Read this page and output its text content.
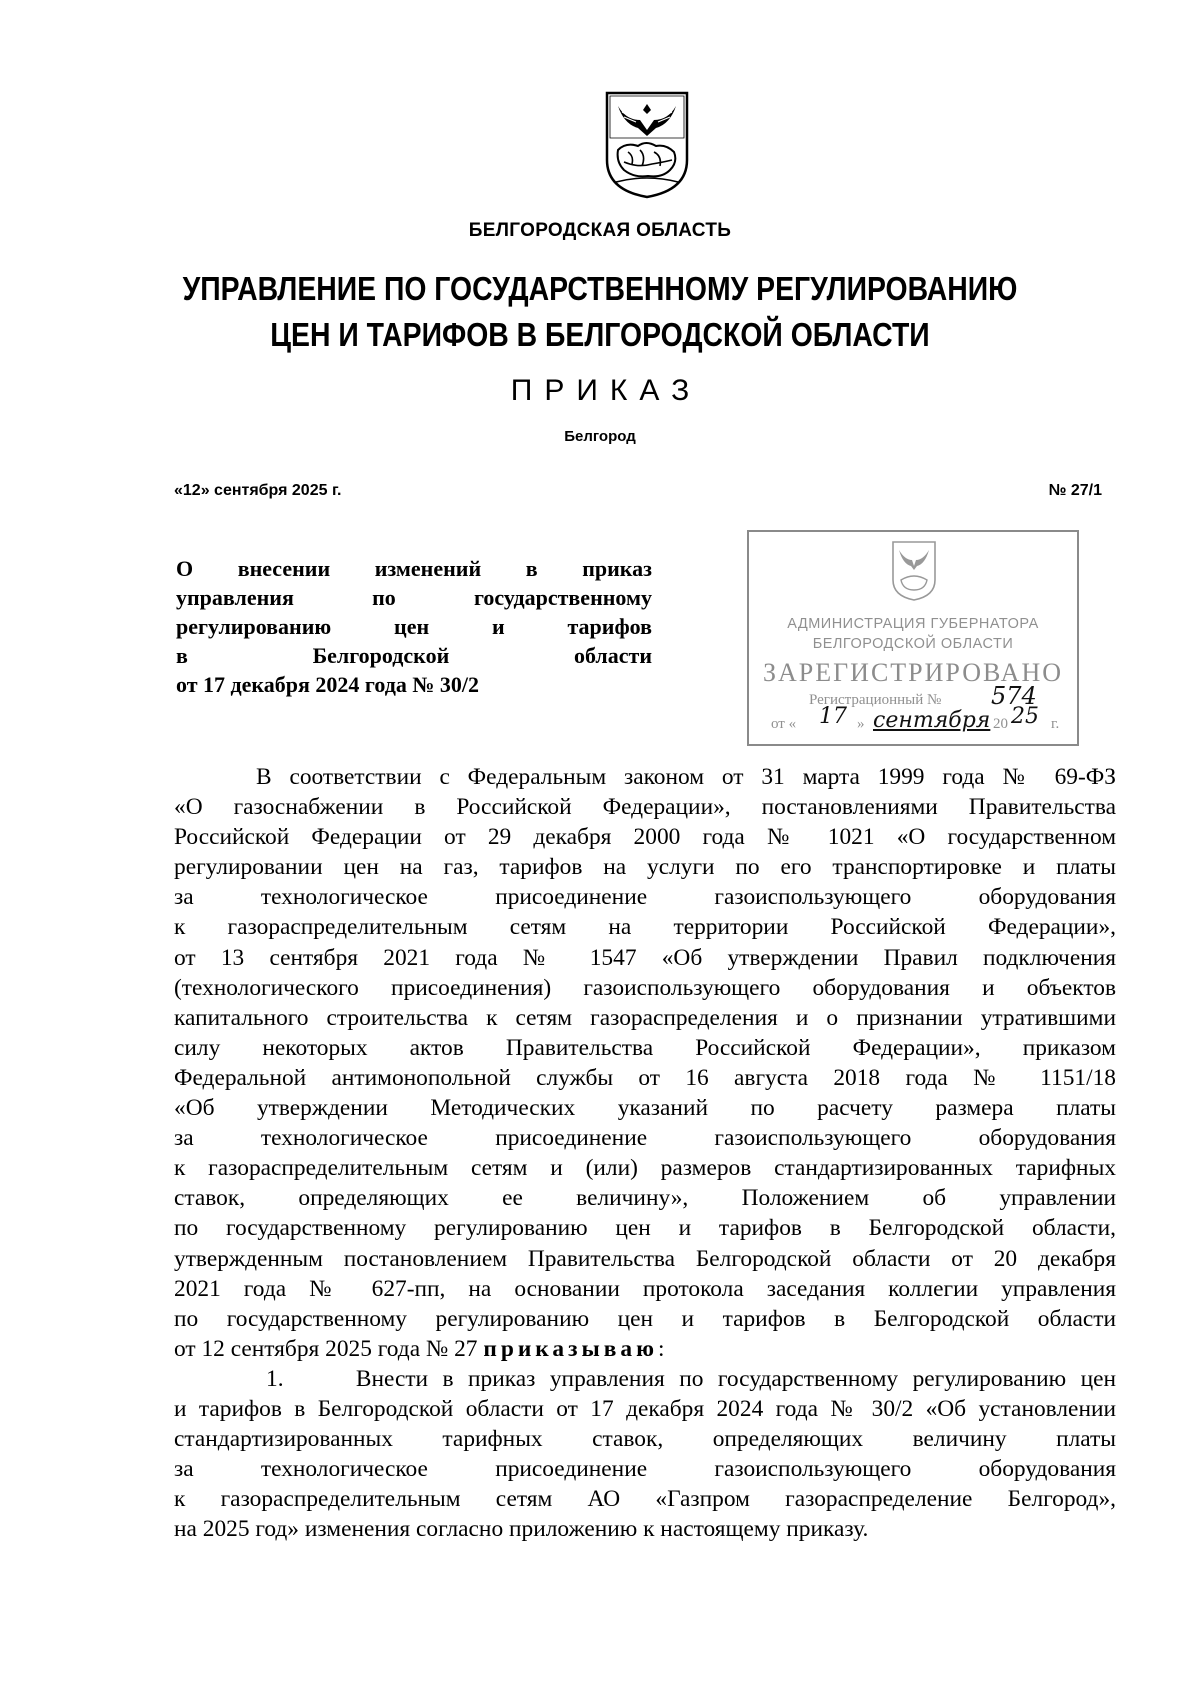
БЕЛГОРОДСКАЯ ОБЛАСТЬ
УПРАВЛЕНИЕ ПО ГОСУДАРСТВЕННОМУ РЕГУЛИРОВАНИЮ
ЦЕН И ТАРИФОВ В БЕЛГОРОДСКОЙ ОБЛАСТИ
ПРИКАЗ
Белгород
«12» сентября 2025 г.	№ 27/1
О внесении изменений в приказ
управления по государственному
регулированию цен и тарифов
в Белгородской области
от 17 декабря 2024 года № 30/2
АДМИНИСТРАЦИЯ ГУБЕРНАТОРА
БЕЛГОРОДСКОЙ ОБЛАСТИ
ЗАРЕГИСТРИРОВАНО
Регистрационный № 574
от « 17 » сентября 20 25 г.
В соответствии с Федеральным законом от 31 марта 1999 года № 69-ФЗ
«О газоснабжении в Российской Федерации», постановлениями Правительства
Российской Федерации от 29 декабря 2000 года № 1021 «О государственном
регулировании цен на газ, тарифов на услуги по его транспортировке и платы
за технологическое присоединение газоиспользующего оборудования
к газораспределительным сетям на территории Российской Федерации»,
от 13 сентября 2021 года № 1547 «Об утверждении Правил подключения
(технологического присоединения) газоиспользующего оборудования и объектов
капитального строительства к сетям газораспределения и о признании утратившими
силу некоторых актов Правительства Российской Федерации», приказом
Федеральной антимонопольной службы от 16 августа 2018 года № 1151/18
«Об утверждении Методических указаний по расчету размера платы
за технологическое присоединение газоиспользующего оборудования
к газораспределительным сетям и (или) размеров стандартизированных тарифных
ставок, определяющих ее величину», Положением об управлении
по государственному регулированию цен и тарифов в Белгородской области,
утвержденным постановлением Правительства Белгородской области от 20 декабря
2021 года № 627-пп, на основании протокола заседания коллегии управления
по государственному регулированию цен и тарифов в Белгородской области
от 12 сентября 2025 года № 27 приказываю:
1.     Внести в приказ управления по государственному регулированию цен
и тарифов в Белгородской области от 17 декабря 2024 года № 30/2 «Об установлении
стандартизированных тарифных ставок, определяющих величину платы
за технологическое присоединение газоиспользующего оборудования
к газораспределительным сетям АО «Газпром газораспределение Белгород»,
на 2025 год» изменения согласно приложению к настоящему приказу.
